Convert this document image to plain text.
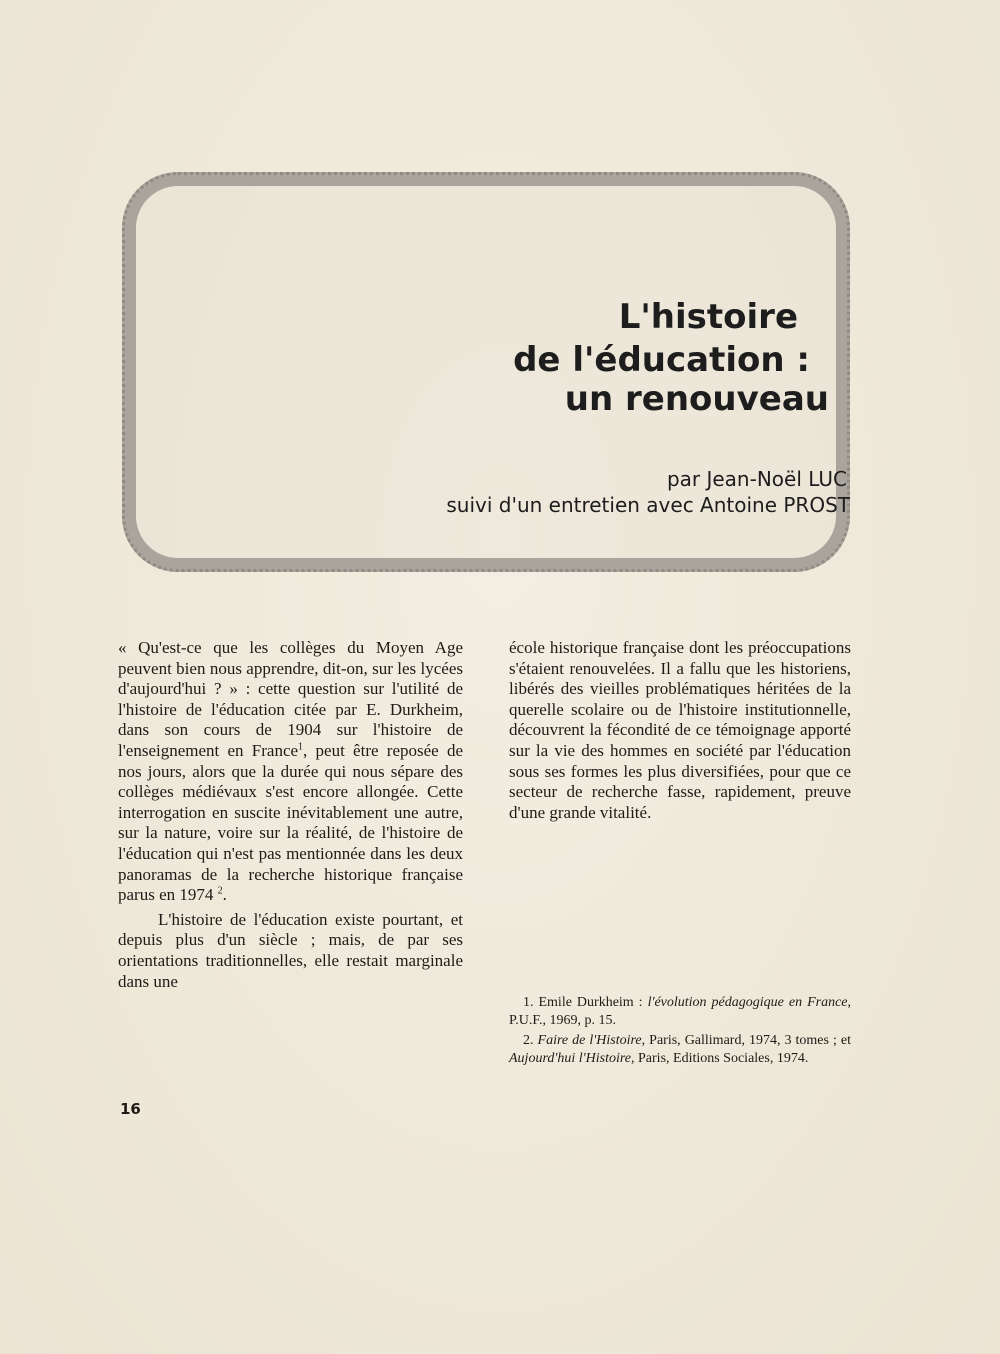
L'histoire
de l'éducation :
un renouveau
par Jean-Noël LUC
suivi d'un entretien avec Antoine PROST

« Qu'est-ce que les collèges du Moyen Age peuvent bien nous apprendre, dit-on, sur les lycées d'aujourd'hui ? » : cette question sur l'utilité de l'histoire de l'éducation citée par E. Durkheim, dans son cours de 1904 sur l'histoire de l'enseignement en France$^1$, peut être reposée de nos jours, alors que la durée qui nous sépare des collèges médiévaux s'est encore allongée. Cette interrogation en suscite inévitablement une autre, sur la nature, voire sur la réalité, de l'histoire de l'éducation qui n'est pas mentionnée dans les deux panoramas de la recherche historique française parus en 1974 $^2$.

L'histoire de l'éducation existe pourtant, et depuis plus d'un siècle ; mais, de par ses orientations traditionnelles, elle restait marginale dans une

école historique française dont les préoccupations s'étaient renouvelées. Il a fallu que les historiens, libérés des vieilles problématiques héritées de la querelle scolaire ou de l'histoire institutionnelle, découvrent la fécondité de ce témoignage apporté sur la vie des hommes en société par l'éducation sous ses formes les plus diversifiées, pour que ce secteur de recherche fasse, rapidement, preuve d'une grande vitalité.

1. Emile Durkheim : l'évolution pédagogique en France, P.U.F., 1969, p. 15.

2. Faire de l'Histoire, Paris, Gallimard, 1974, 3 tomes ; et Aujourd'hui l'Histoire, Paris, Editions Sociales, 1974.

16
